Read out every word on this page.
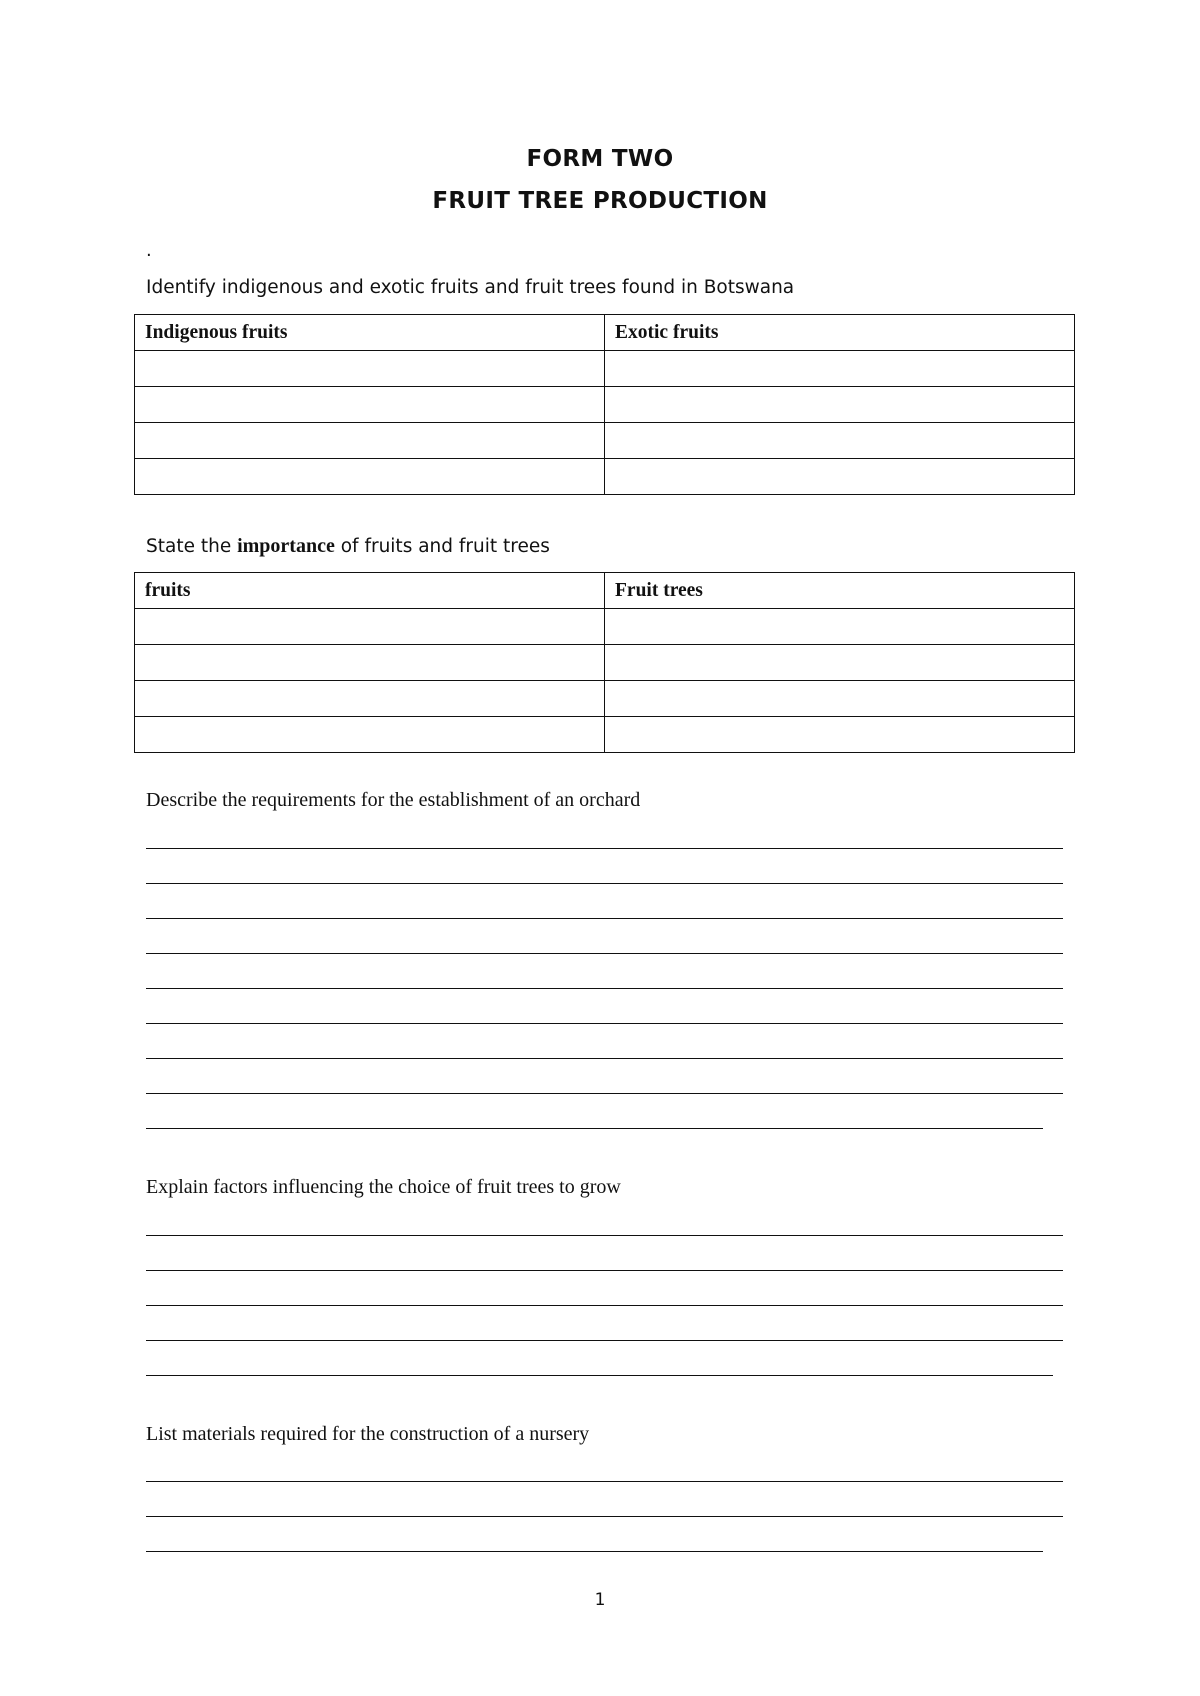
FORM TWO
FRUIT TREE PRODUCTION
.
Identify indigenous and exotic fruits and fruit trees found in Botswana
Indigenous fruits	Exotic fruits

State the importance of fruits and fruit trees
fruits	Fruit trees

Describe the requirements for the establishment of an orchard
Explain factors influencing the choice of fruit trees to grow
List materials required for the construction of a nursery
1
